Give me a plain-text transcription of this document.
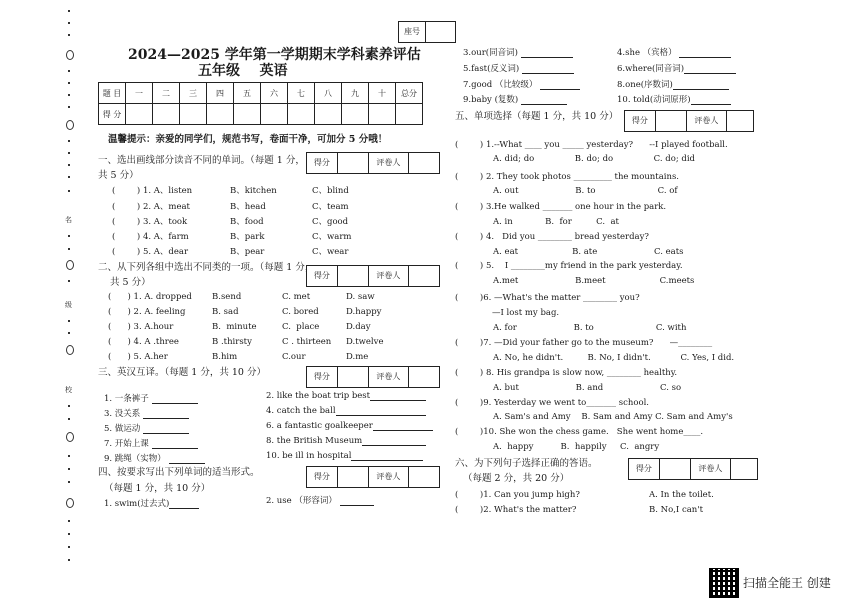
名
级
校
座号
2024—2025 学年第一学期期末学科素养评估
五年级    英语
题 目	一	二	三	四	五	六	七	八	九	十	总分
得 分											
温馨提示：亲爱的同学们，规范书写，卷面干净，可加分 5 分哦！
一、选出画线部分读音不同的单词。（每题 1 分，
共 5 分）
得分	评卷人
(        ) 1. A、listen	B、kitchen	C、blind
(        ) 2. A、meat	B、head	C、team
(        ) 3. A、took	B、food	C、good
(        ) 4. A、farm	B、park	C、warm
(        ) 5. A、dear	B、pear	C、wear
二、从下列各组中选出不同类的一项。（每题 1 分，
共 5 分）
得分	评卷人
(      ) 1. A. dropped B.send	C. met	D. saw
(      ) 2. A. feeling	B. sad	C. bored	D.happy
(      ) 3. A.hour	B.  minute	C.  place	D.day
(      ) 4. A .three	B .thirsty	C . thirteen D.twelve
(      ) 5. A.her	B.him	C.our	D.me
三、英汉互译。（每题 1 分，共 10 分）	得分	评卷人
1. 一条裤子
3. 没关系
5. 做运动
7. 开始上课
9. 跳绳（实物）
2. like the boat trip best
4. catch the ball
6. a fantastic goalkeeper
8. the British Museum
10. be ill in hospital
四、按要求写出下列单词的适当形式。
（每题 1 分，共 10 分）
得分	评卷人
1. swim(过去式)	2. use （形容词）
3.our(同音词)
5.fast(反义词)
7.good （比较级）
9.baby (复数)
4.she （宾格）
6.where(同音词)
8.one(序数词)
10. told(动词原形)
五、单项选择（每题 1 分，共 10 分）	得分	评卷人
(        ) 1.--What ____ you _____ yesterday?      --I played football.
A. did; do               B. do; do               C. do; did
(        ) 2. They took photos _________ the mountains.
A. out                     B. to                       C. of
(        ) 3.He walked _______ one hour in the park.
A. in            B.  for         C.  at
(        ) 4.   Did you ________ bread yesterday?
A. eat                    B. ate                     C. eats
(        ) 5.    I ________my friend in the park yesterday.
A.met                     B.meet                    C.meets
(        )6. —What's the matter ________ you?
—I lost my bag.
A. for                     B. to                       C. with
(        )7. —Did your father go to the museum?      —________
A. No, he didn't.         B. No, I didn't.           C. Yes, I did.
(        ) 8. His grandpa is slow now, ________ healthy.
A. but                     B. and                     C. so
(        )9. Yesterday we went to_______ school.
A. Sam's and Amy    B. Sam and Amy C. Sam and Amy's
(        )10. She won the chess game.   She went home____.
A.  happy          B.  happily     C.  angry
六、为下列句子选择正确的答语。
（每题 2 分，共 20 分）
得分	评卷人
(        )1. Can you jump high?	A. In the toilet.
(        )2. What's the matter?	B. No,I can't
扫描全能王 创建
